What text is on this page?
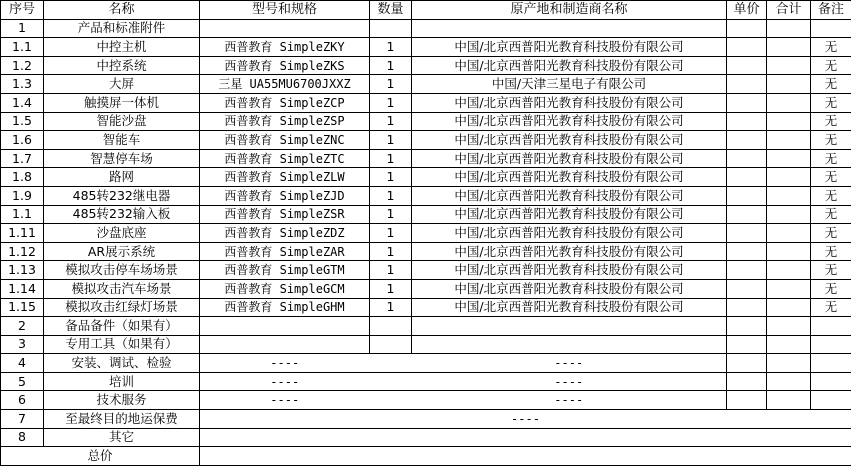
序号	名称	型号和规格	数量	原产地和制造商名称	单价	合计	备注
1	产品和标准附件						
1.1	中控主机	西普教育 SimpleZKY	1	中国/北京西普阳光教育科技股份有限公司			无
1.2	中控系统	西普教育 SimpleZKS	1	中国/北京西普阳光教育科技股份有限公司			无
1.3	大屏	三星 UA55MU6700JXXZ	1	中国/天津三星电子有限公司			无
1.4	触摸屏一体机	西普教育 SimpleZCP	1	中国/北京西普阳光教育科技股份有限公司			无
1.5	智能沙盘	西普教育 SimpleZSP	1	中国/北京西普阳光教育科技股份有限公司			无
1.6	智能车	西普教育 SimpleZNC	1	中国/北京西普阳光教育科技股份有限公司			无
1.7	智慧停车场	西普教育 SimpleZTC	1	中国/北京西普阳光教育科技股份有限公司			无
1.8	路网	西普教育 SimpleZLW	1	中国/北京西普阳光教育科技股份有限公司			无
1.9	485转232继电器	西普教育 SimpleZJD	1	中国/北京西普阳光教育科技股份有限公司			无
1.1	485转232输入板	西普教育 SimpleZSR	1	中国/北京西普阳光教育科技股份有限公司			无
1.11	沙盘底座	西普教育 SimpleZDZ	1	中国/北京西普阳光教育科技股份有限公司			无
1.12	AR展示系统	西普教育 SimpleZAR	1	中国/北京西普阳光教育科技股份有限公司			无
1.13	模拟攻击停车场场景	西普教育 SimpleGTM	1	中国/北京西普阳光教育科技股份有限公司			无
1.14	模拟攻击汽车场景	西普教育 SimpleGCM	1	中国/北京西普阳光教育科技股份有限公司			无
1.15	模拟攻击红绿灯场景	西普教育 SimpleGHM	1	中国/北京西普阳光教育科技股份有限公司			无
2	备品备件（如果有）						
3	专用工具（如果有）						
4	安装、调试、检验	----		----			
5	培训	----		----			
6	技术服务	----		----			
7	至最终目的地运保费	----					
8	其它						
总价							
